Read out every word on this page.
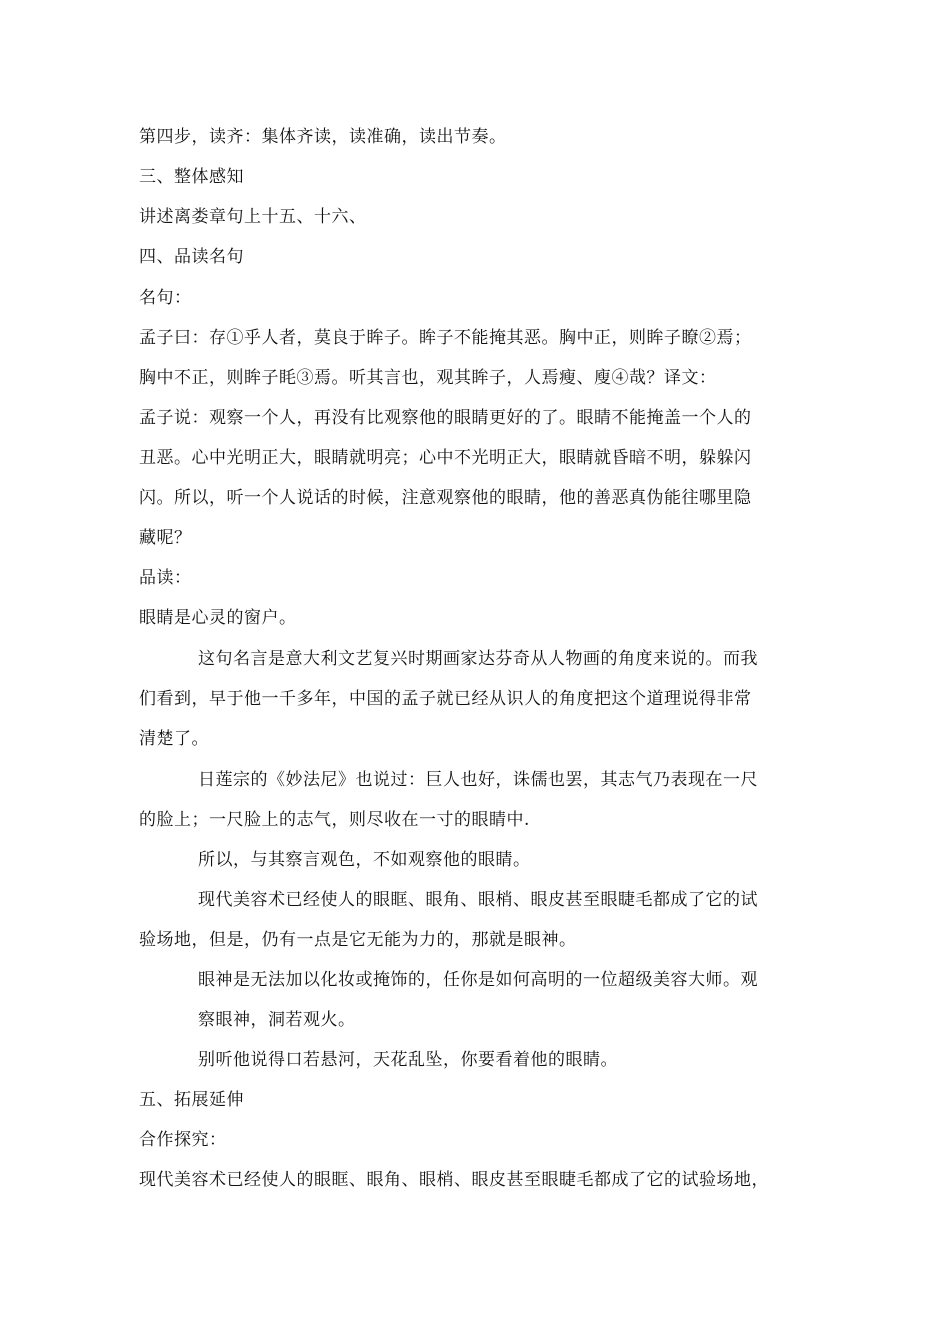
第四步，读齐：集体齐读，读准确，读出节奏。
三、整体感知
讲述离娄章句上十五、十六、
四、品读名句
名句：
孟子曰：存①乎人者，莫良于眸子。眸子不能掩其恶。胸中正，则眸子瞭②焉；
胸中不正，则眸子眊③焉。听其言也，观其眸子，人焉瘦、廋④哉？译文：
孟子说：观察一个人，再没有比观察他的眼睛更好的了。眼睛不能掩盖一个人的
丑恶。心中光明正大，眼睛就明亮；心中不光明正大，眼睛就昏暗不明，躲躲闪
闪。所以，听一个人说话的时候，注意观察他的眼睛，他的善恶真伪能往哪里隐
藏呢？
品读：
眼睛是心灵的窗户。
这句名言是意大利文艺复兴时期画家达芬奇从人物画的角度来说的。而我
们看到，早于他一千多年，中国的孟子就已经从识人的角度把这个道理说得非常
清楚了。
日莲宗的《妙法尼》也说过：巨人也好，诛儒也罢，其志气乃表现在一尺
的脸上；一尺脸上的志气，则尽收在一寸的眼睛中.
所以，与其察言观色，不如观察他的眼睛。
现代美容术已经使人的眼眶、眼角、眼梢、眼皮甚至眼睫毛都成了它的试
验场地，但是，仍有一点是它无能为力的，那就是眼神。
眼神是无法加以化妆或掩饰的，任你是如何高明的一位超级美容大师。观
察眼神，洞若观火。
别听他说得口若悬河，天花乱坠，你要看着他的眼睛。
五、拓展延伸
合作探究：
现代美容术已经使人的眼眶、眼角、眼梢、眼皮甚至眼睫毛都成了它的试验场地，
